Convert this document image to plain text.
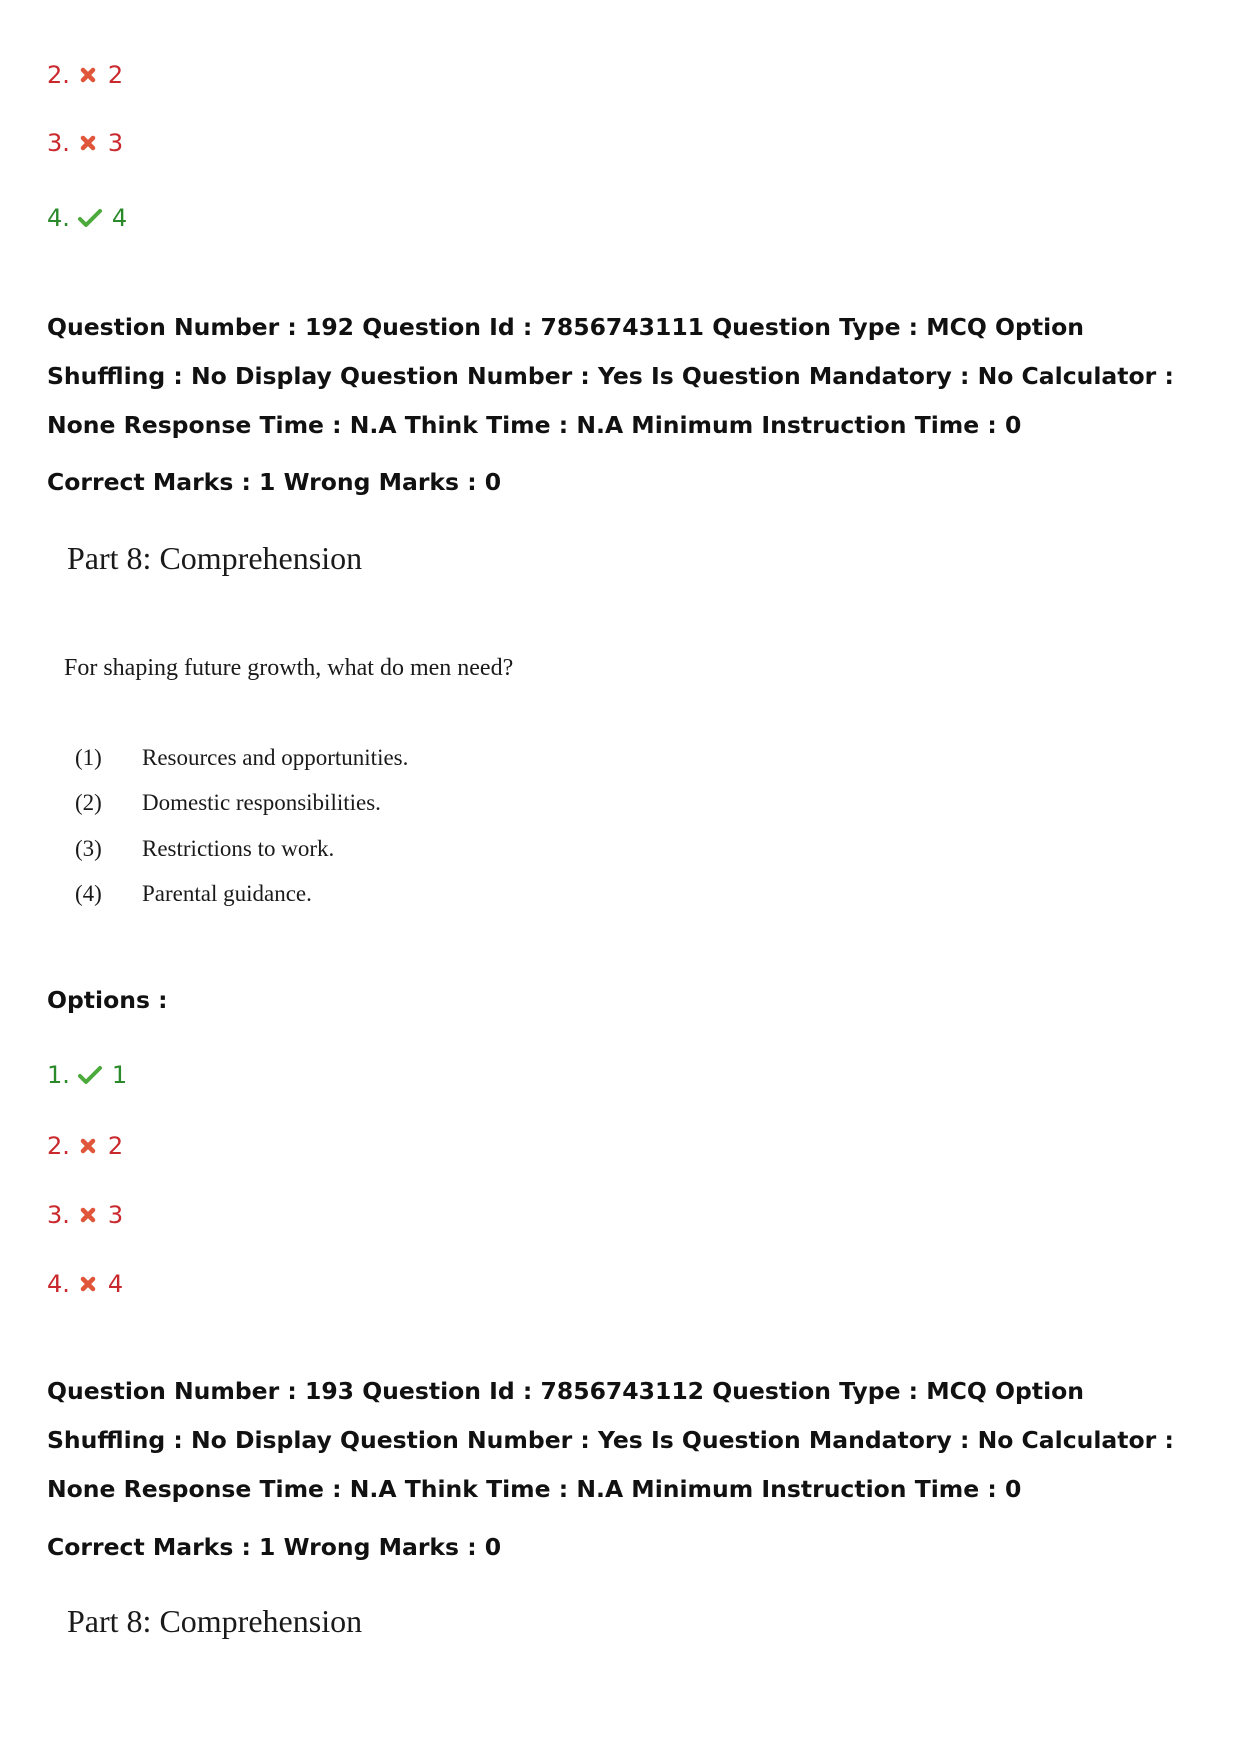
2. 2
3. 3
4. 4
Question Number : 192 Question Id : 7856743111 Question Type : MCQ Option Shuffling : No Display Question Number : Yes Is Question Mandatory : No Calculator : None Response Time : N.A Think Time : N.A Minimum Instruction Time : 0
Correct Marks : 1 Wrong Marks : 0
Part 8: Comprehension
For shaping future growth, what do men need?
(1) Resources and opportunities.
(2) Domestic responsibilities.
(3) Restrictions to work.
(4) Parental guidance.
Options :
1. 1
2. 2
3. 3
4. 4
Question Number : 193 Question Id : 7856743112 Question Type : MCQ Option Shuffling : No Display Question Number : Yes Is Question Mandatory : No Calculator : None Response Time : N.A Think Time : N.A Minimum Instruction Time : 0
Correct Marks : 1 Wrong Marks : 0
Part 8: Comprehension
